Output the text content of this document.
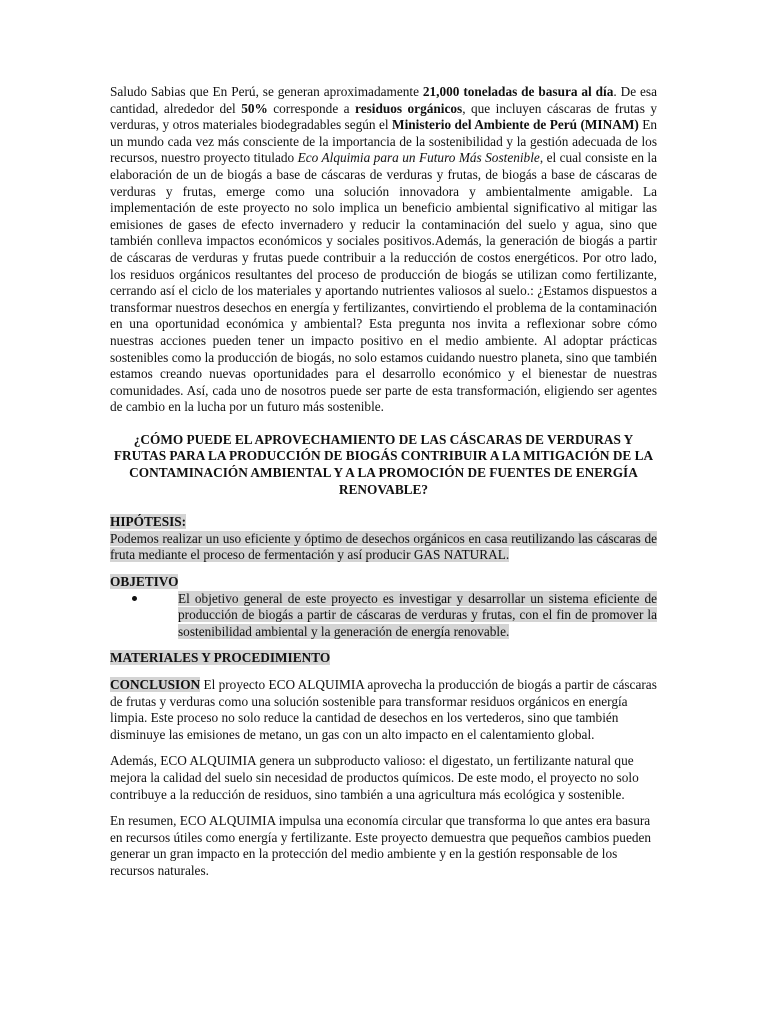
Saludo Sabias que En Perú, se generan aproximadamente 21,000 toneladas de basura al día. De esa cantidad, alrededor del 50% corresponde a residuos orgánicos, que incluyen cáscaras de frutas y verduras, y otros materiales biodegradables según el Ministerio del Ambiente de Perú (MINAM) En un mundo cada vez más consciente de la importancia de la sostenibilidad y la gestión adecuada de los recursos, nuestro proyecto titulado Eco Alquimia para un Futuro Más Sostenible, el cual consiste en la elaboración de un de biogás a base de cáscaras de verduras y frutas, de biogás a base de cáscaras de verduras y frutas, emerge como una solución innovadora y ambientalmente amigable. La implementación de este proyecto no solo implica un beneficio ambiental significativo al mitigar las emisiones de gases de efecto invernadero y reducir la contaminación del suelo y agua, sino que también conlleva impactos económicos y sociales positivos.Además, la generación de biogás a partir de cáscaras de verduras y frutas puede contribuir a la reducción de costos energéticos. Por otro lado, los residuos orgánicos resultantes del proceso de producción de biogás se utilizan como fertilizante, cerrando así el ciclo de los materiales y aportando nutrientes valiosos al suelo.: ¿Estamos dispuestos a transformar nuestros desechos en energía y fertilizantes, convirtiendo el problema de la contaminación en una oportunidad económica y ambiental? Esta pregunta nos invita a reflexionar sobre cómo nuestras acciones pueden tener un impacto positivo en el medio ambiente. Al adoptar prácticas sostenibles como la producción de biogás, no solo estamos cuidando nuestro planeta, sino que también estamos creando nuevas oportunidades para el desarrollo económico y el bienestar de nuestras comunidades. Así, cada uno de nosotros puede ser parte de esta transformación, eligiendo ser agentes de cambio en la lucha por un futuro más sostenible.

¿CÓMO PUEDE EL APROVECHAMIENTO DE LAS CÁSCARAS DE VERDURAS Y FRUTAS PARA LA PRODUCCIÓN DE BIOGÁS CONTRIBUIR A LA MITIGACIÓN DE LA CONTAMINACIÓN AMBIENTAL Y A LA PROMOCIÓN DE FUENTES DE ENERGÍA RENOVABLE?

HIPÓTESIS:

Podemos realizar un uso eficiente y óptimo de desechos orgánicos en casa reutilizando las cáscaras de fruta mediante el proceso de fermentación y así producir GAS NATURAL.

OBJETIVO

El objetivo general de este proyecto es investigar y desarrollar un sistema eficiente de producción de biogás a partir de cáscaras de verduras y frutas, con el fin de promover la sostenibilidad ambiental y la generación de energía renovable.

MATERIALES Y PROCEDIMIENTO

CONCLUSION El proyecto ECO ALQUIMIA aprovecha la producción de biogás a partir de cáscaras de frutas y verduras como una solución sostenible para transformar residuos orgánicos en energía limpia. Este proceso no solo reduce la cantidad de desechos en los vertederos, sino que también disminuye las emisiones de metano, un gas con un alto impacto en el calentamiento global.

Además, ECO ALQUIMIA genera un subproducto valioso: el digestato, un fertilizante natural que mejora la calidad del suelo sin necesidad de productos químicos. De este modo, el proyecto no solo contribuye a la reducción de residuos, sino también a una agricultura más ecológica y sostenible.

En resumen, ECO ALQUIMIA impulsa una economía circular que transforma lo que antes era basura en recursos útiles como energía y fertilizante. Este proyecto demuestra que pequeños cambios pueden generar un gran impacto en la protección del medio ambiente y en la gestión responsable de los recursos naturales.
